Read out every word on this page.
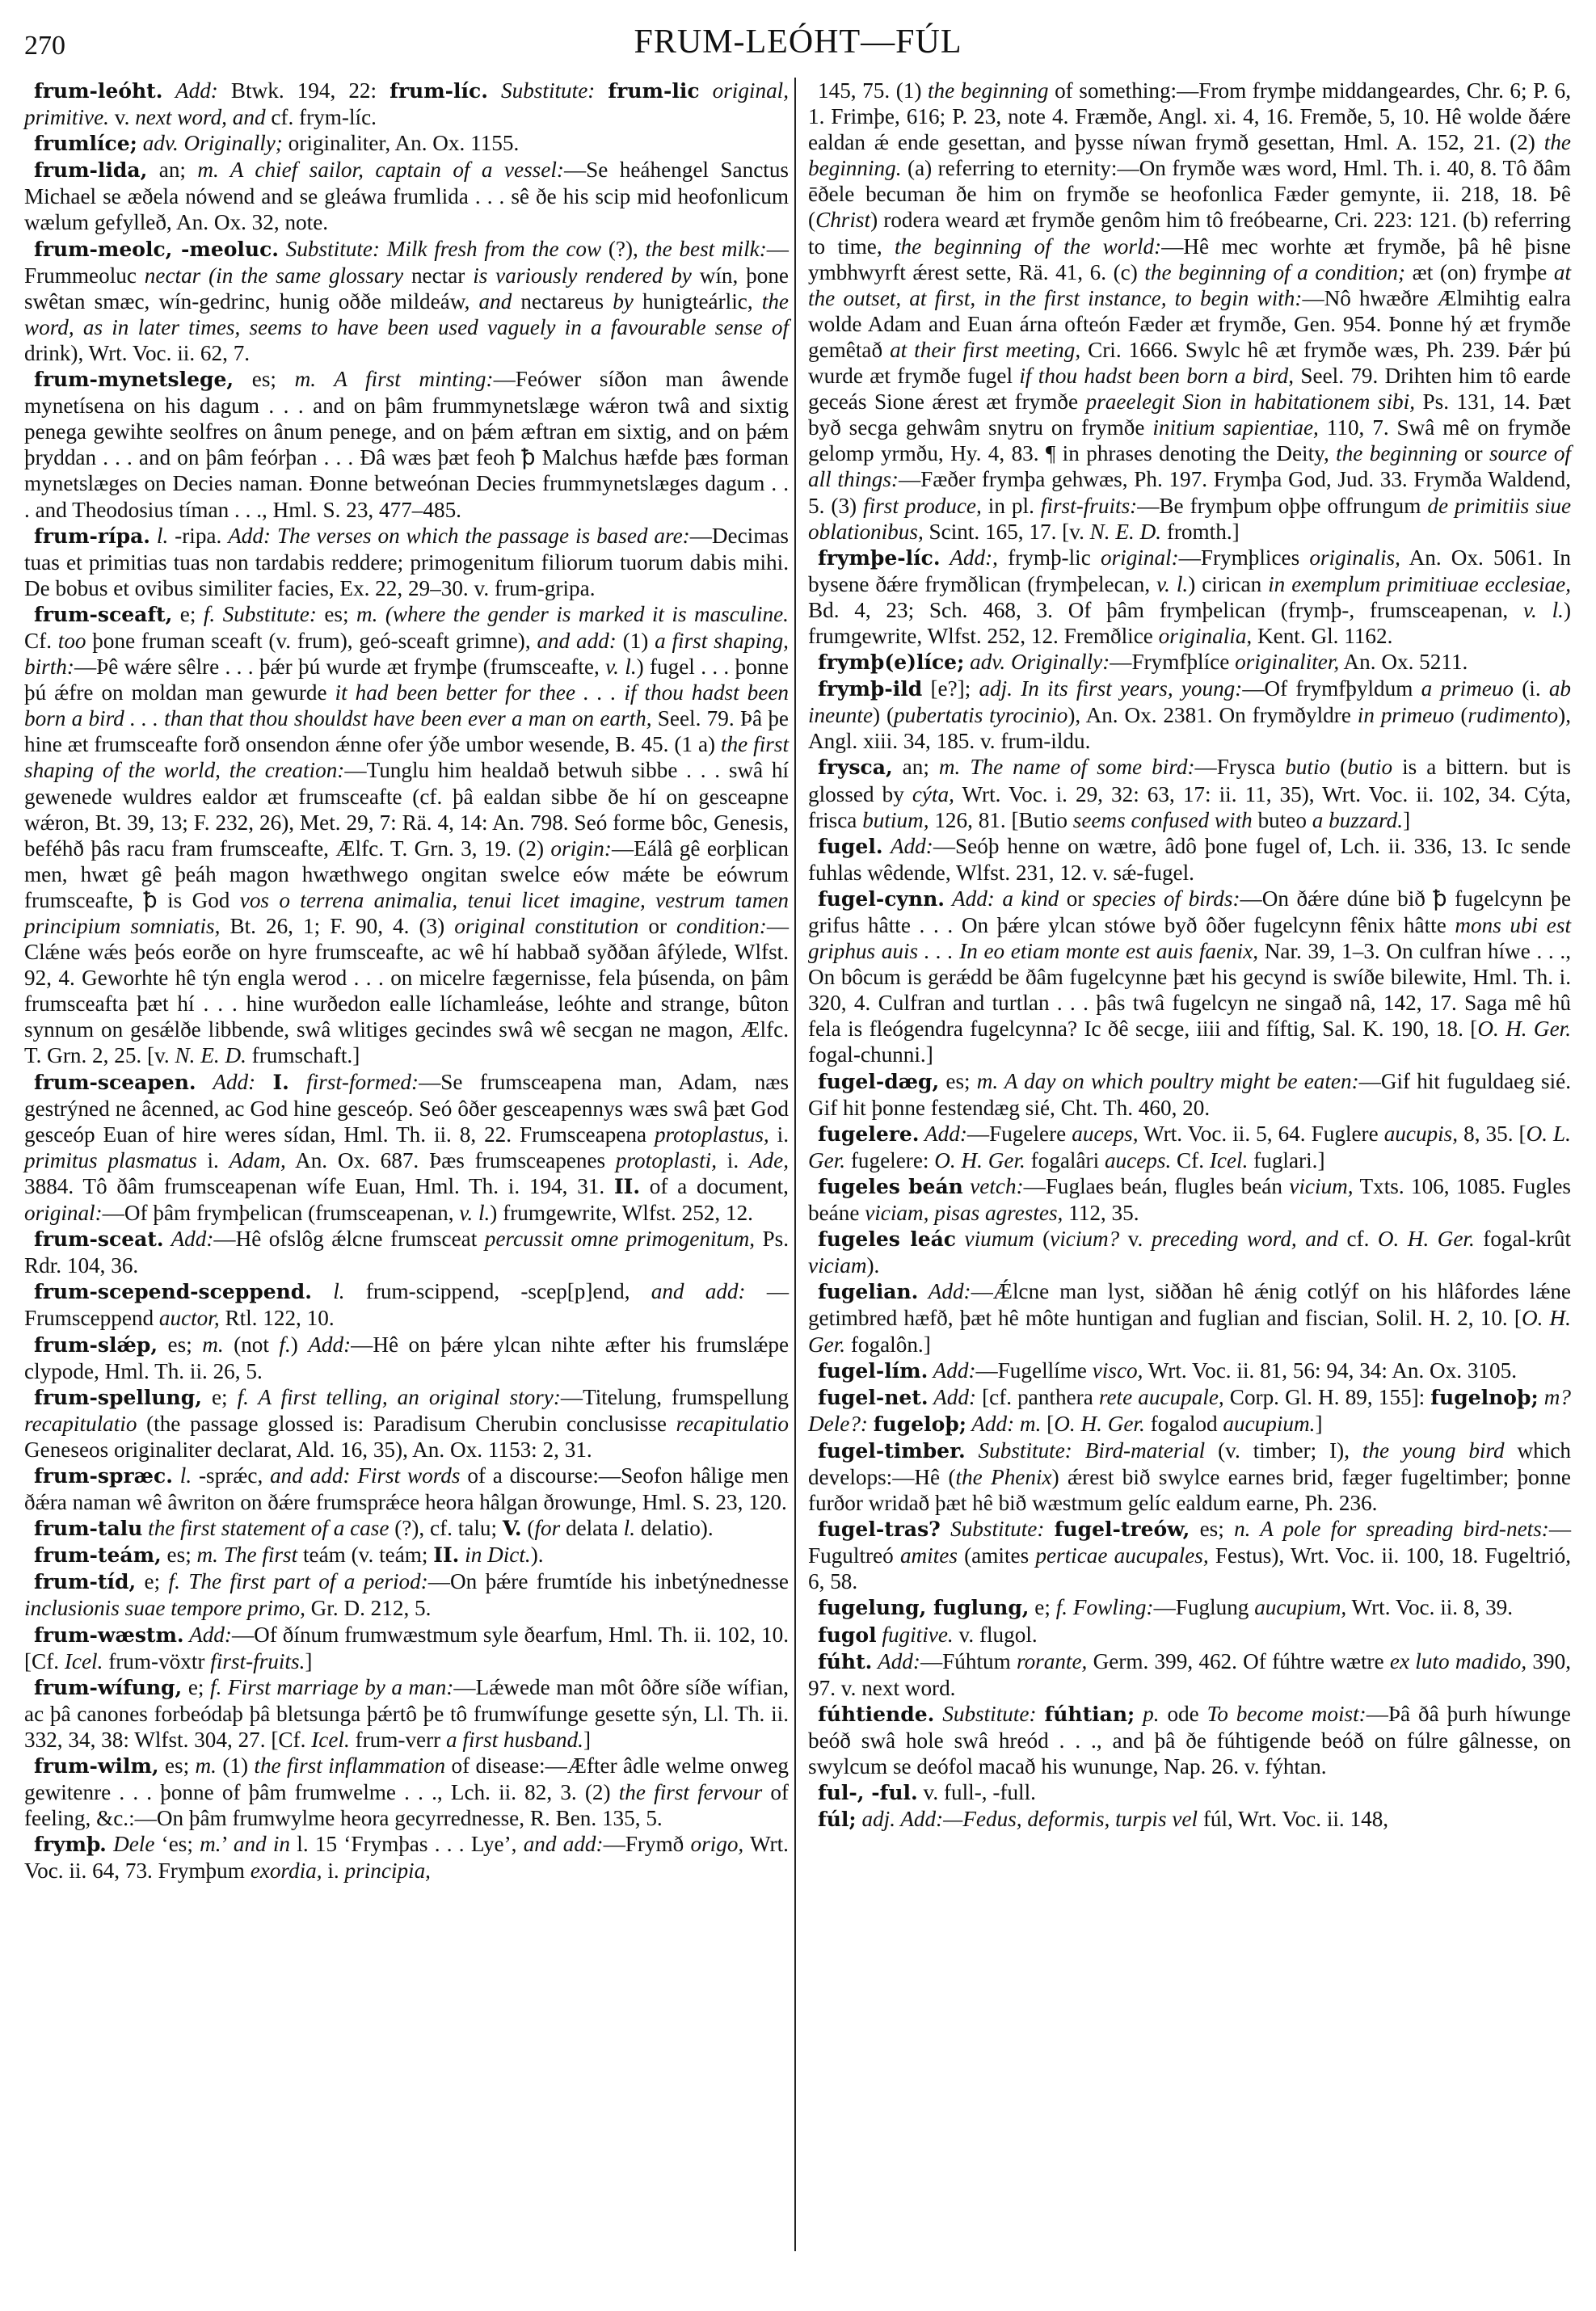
270	FRUM-LEÓHT—FÚL

frum-leóht. Add: Btwk. 194, 22: frum-líc. Substitute: frum-lic original, primitive. v. next word, and cf. frym-líc.

frumlíce; adv. Originally; originaliter, An. Ox. 1155.

frum-lida, an; m. A chief sailor, captain of a vessel:—Se heáhengel Sanctus Michael se æðela nówend and se gleáwa frumlida . . . sê ðe his scip mid heofonlicum wælum gefylleð, An. Ox. 32, note.

frum-meolc, -meoluc. Substitute: Milk fresh from the cow (?), the best milk:—Frummeoluc nectar (in the same glossary nectar is variously rendered by wín, þone swêtan smæc, wín-gedrinc, hunig oððe mildeáw, and nectareus by hunigteárlic, the word, as in later times, seems to have been used vaguely in a favourable sense of drink), Wrt. Voc. ii. 62, 7.

frum-mynetslege, es; m. A first minting:—Feówer síðon man âwende mynetísena on his dagum . . . and on þâm frummynetslæge wǽron twâ and sixtig penega gewihte seolfres on ânum penege, and on þǽm æftran em sixtig, and on þǽm þryddan . . . and on þâm feórþan . . . Ðâ wæs þæt feoh ꝥ Malchus hæfde þæs forman mynetslæges on Decies naman. Ðonne betweónan Decies frummynetslæges dagum . . . and Theodosius tíman . . ., Hml. S. 23, 477–485.

frum-rípa. l. -ripa. Add: The verses on which the passage is based are:—Decimas tuas et primitias tuas non tardabis reddere; primogenitum filiorum tuorum dabis mihi. De bobus et ovibus similiter facies, Ex. 22, 29–30. v. frum-gripa.

frum-sceaft, e; f. Substitute: es; m. (where the gender is marked it is masculine. Cf. too þone fruman sceaft (v. frum), geó-sceaft grimne), and add: (1) a first shaping, birth:—Þê wǽre sêlre . . . þǽr þú wurde æt frymþe (frumsceafte, v. l.) fugel . . . þonne þú ǽfre on moldan man gewurde it had been better for thee . . . if thou hadst been born a bird . . . than that thou shouldst have been ever a man on earth, Seel. 79. Þâ þe hine æt frumsceafte forð onsendon ǽnne ofer ýðe umbor wesende, B. 45. (1 a) the first shaping of the world, the creation:—Tunglu him healdað betwuh sibbe . . . swâ hí gewenede wuldres ealdor æt frumsceafte (cf. þâ ealdan sibbe ðe hí on gesceapne wǽron, Bt. 39, 13; F. 232, 26), Met. 29, 7: Rä. 4, 14: An. 798. Seó forme bôc, Genesis, beféhð þâs racu fram frumsceafte, Ælfc. T. Grn. 3, 19. (2) origin:—Eálâ gê eorþlican men, hwæt gê þeáh magon hwæthwego ongitan swelce eów mǽte be eówrum frumsceafte, ꝥ is God vos o terrena animalia, tenui licet imagine, vestrum tamen principium somniatis, Bt. 26, 1; F. 90, 4. (3) original constitution or condition:—Clǽne wǽs þeós eorðe on hyre frumsceafte, ac wê hí habbað syððan âfýlede, Wlfst. 92, 4. Geworhte hê týn engla werod . . . on micelre fægernisse, fela þúsenda, on þâm frumsceafta þæt hí . . . hine wurðedon ealle líchamleáse, leóhte and strange, bûton synnum on gesǽlðe libbende, swâ wlitiges gecindes swâ wê secgan ne magon, Ælfc. T. Grn. 2, 25. [v. N. E. D. frumschaft.]

frum-sceapen. Add: I. first-formed:—Se frumsceapena man, Adam, næs gestrýned ne âcenned, ac God hine gesceóp. Seó ôðer gesceapennys wæs swâ þæt God gesceóp Euan of hire weres sídan, Hml. Th. ii. 8, 22. Frumsceapena protoplastus, i. primitus plasmatus i. Adam, An. Ox. 687. Þæs frumsceapenes protoplasti, i. Ade, 3884. Tô ðâm frumsceapenan wífe Euan, Hml. Th. i. 194, 31. II. of a document, original:—Of þâm frymþelican (frumsceapenan, v. l.) frumgewrite, Wlfst. 252, 12.

frum-sceat. Add:—Hê ofslôg ǽlcne frumsceat percussit omne primogenitum, Ps. Rdr. 104, 36.

frum-scepend-sceppend. l. frum-scippend, -scep[p]end, and add: —Frumsceppend auctor, Rtl. 122, 10.

frum-slǽp, es; m. (not f.) Add:—Hê on þǽre ylcan nihte æfter his frumslǽpe clypode, Hml. Th. ii. 26, 5.

frum-spellung, e; f. A first telling, an original story:—Titelung, frumspellung recapitulatio (the passage glossed is: Paradisum Cherubin conclusisse recapitulatio Geneseos originaliter declarat, Ald. 16, 35), An. Ox. 1153: 2, 31.

frum-spræc. l. -sprǽc, and add: First words of a discourse:—Seofon hâlige men ðǽra naman wê âwriton on ðǽre frumsprǽce heora hâlgan ðrowunge, Hml. S. 23, 120.

frum-talu the first statement of a case (?), cf. talu; V. (for delata l. delatio).

frum-teám, es; m. The first teám (v. teám; II. in Dict.).

frum-tíd, e; f. The first part of a period:—On þǽre frumtíde his inbetýnednesse inclusionis suae tempore primo, Gr. D. 212, 5.

frum-wæstm. Add:—Of ðínum frumwæstmum syle ðearfum, Hml. Th. ii. 102, 10. [Cf. Icel. frum-vöxtr first-fruits.]

frum-wífung, e; f. First marriage by a man:—Lǽwede man môt ôðre síðe wífian, ac þâ canones forbeódaþ þâ bletsunga þǽrtô þe tô frumwífunge gesette sýn, Ll. Th. ii. 332, 34, 38: Wlfst. 304, 27. [Cf. Icel. frum-verr a first husband.]

frum-wilm, es; m. (1) the first inflammation of disease:—Æfter âdle welme onweg gewitenre . . . þonne of þâm frumwelme . . ., Lch. ii. 82, 3. (2) the first fervour of feeling, &c.:—On þâm frumwylme heora gecyrrednesse, R. Ben. 135, 5.

frymþ. Dele ‘es; m.’ and in l. 15 ‘Frymþas . . . Lye’, and add:—Frymð origo, Wrt. Voc. ii. 64, 73. Frymþum exordia, i. principia,

145, 75. (1) the beginning of something:—From frymþe middangeardes, Chr. 6; P. 6, 1. Frimþe, 616; P. 23, note 4. Fræmðe, Angl. xi. 4, 16. Fremðe, 5, 10. Hê wolde ðǽre ealdan ǽ ende gesettan, and þysse níwan frymð gesettan, Hml. A. 152, 21. (2) the beginning. (a) referring to eternity:—On frymðe wæs word, Hml. Th. i. 40, 8. Tô ðâm ēðele becuman ðe him on frymðe se heofonlica Fæder gemynte, ii. 218, 18. Þê (Christ) rodera weard æt frymðe genôm him tô freóbearne, Cri. 223: 121. (b) referring to time, the beginning of the world:—Hê mec worhte æt frymðe, þâ hê þisne ymbhwyrft ǽrest sette, Rä. 41, 6. (c) the beginning of a condition; æt (on) frymþe at the outset, at first, in the first instance, to begin with:—Nô hwæðre Ælmihtig ealra wolde Adam and Euan árna ofteón Fæder æt frymðe, Gen. 954. Þonne hý æt frymðe gemêtað at their first meeting, Cri. 1666. Swylc hê æt frymðe wæs, Ph. 239. Þǽr þú wurde æt frymðe fugel if thou hadst been born a bird, Seel. 79. Drihten him tô earde geceás Sione ǽrest æt frymðe praeelegit Sion in habitationem sibi, Ps. 131, 14. Þæt byð secga gehwâm snytru on frymðe initium sapientiae, 110, 7. Swâ mê on frymðe gelomp yrmðu, Hy. 4, 83. ¶ in phrases denoting the Deity, the beginning or source of all things:—Fæðer frymþa gehwæs, Ph. 197. Frymþa God, Jud. 33. Frymða Waldend, 5. (3) first produce, in pl. first-fruits:—Be frymþum oþþe offrungum de primitiis siue oblationibus, Scint. 165, 17. [v. N. E. D. fromth.]

frymþe-líc. Add:, frymþ-lic original:—Frymþlices originalis, An. Ox. 5061. In bysene ðǽre frymðlican (frymþelecan, v. l.) cirican in exemplum primitiuae ecclesiae, Bd. 4, 23; Sch. 468, 3. Of þâm frymþelican (frymþ-, frumsceapenan, v. l.) frumgewrite, Wlfst. 252, 12. Fremðlice originalia, Kent. Gl. 1162.

frymþ(e)líce; adv. Originally:—Frymfþlíce originaliter, An. Ox. 5211.

frymþ-ild [e?]; adj. In its first years, young:—Of frymfþyldum a primeuo (i. ab ineunte) (pubertatis tyrocinio), An. Ox. 2381. On frymðyldre in primeuo (rudimento), Angl. xiii. 34, 185. v. frum-ildu.

frysca, an; m. The name of some bird:—Frysca butio (butio is a bittern. but is glossed by cýta, Wrt. Voc. i. 29, 32: 63, 17: ii. 11, 35), Wrt. Voc. ii. 102, 34. Cýta, frisca butium, 126, 81. [Butio seems confused with buteo a buzzard.]

fugel. Add:—Seóþ henne on wætre, âdô þone fugel of, Lch. ii. 336, 13. Ic sende fuhlas wêdende, Wlfst. 231, 12. v. sǽ-fugel.

fugel-cynn. Add: a kind or species of birds:—On ðǽre dúne bið ꝥ fugelcynn þe grifus hâtte . . . On þǽre ylcan stówe byð ôðer fugelcynn fênix hâtte mons ubi est griphus auis . . . In eo etiam monte est auis faenix, Nar. 39, 1–3. On culfran híwe . . ., On bôcum is gerǽdd be ðâm fugelcynne þæt his gecynd is swíðe bilewite, Hml. Th. i. 320, 4. Culfran and turtlan . . . þâs twâ fugelcyn ne singað nâ, 142, 17. Saga mê hû fela is fleógendra fugelcynna? Ic ðê secge, iiii and fíftig, Sal. K. 190, 18. [O. H. Ger. fogal-chunni.]

fugel-dæg, es; m. A day on which poultry might be eaten:—Gif hit fuguldaeg sié. Gif hit þonne festendæg sié, Cht. Th. 460, 20.

fugelere. Add:—Fugelere auceps, Wrt. Voc. ii. 5, 64. Fuglere aucupis, 8, 35. [O. L. Ger. fugelere: O. H. Ger. fogalâri auceps. Cf. Icel. fuglari.]

fugeles beán vetch:—Fuglaes beán, flugles beán vicium, Txts. 106, 1085. Fugles beáne viciam, pisas agrestes, 112, 35.

fugeles leác viumum (vicium? v. preceding word, and cf. O. H. Ger. fogal-krût viciam).

fugelian. Add:—Ǽlcne man lyst, siððan hê ǽnig cotlýf on his hlâfordes lǽne getimbred hæfð, þæt hê môte huntigan and fuglian and fiscian, Solil. H. 2, 10. [O. H. Ger. fogalôn.]

fugel-lím. Add:—Fugellíme visco, Wrt. Voc. ii. 81, 56: 94, 34: An. Ox. 3105.

fugel-net. Add: [cf. panthera rete aucupale, Corp. Gl. H. 89, 155]: fugelnoþ; m? Dele?: fugeloþ; Add: m. [O. H. Ger. fogalod aucupium.]

fugel-timber. Substitute: Bird-material (v. timber; I), the young bird which develops:—Hê (the Phenix) ǽrest bið swylce earnes brid, fæger fugeltimber; þonne furðor wridað þæt hê bið wæstmum gelíc ealdum earne, Ph. 236.

fugel-tras? Substitute: fugel-treów, es; n. A pole for spreading bird-nets:—Fugultreó amites (amites perticae aucupales, Festus), Wrt. Voc. ii. 100, 18. Fugeltrió, 6, 58.

fugelung, fuglung, e; f. Fowling:—Fuglung aucupium, Wrt. Voc. ii. 8, 39.

fugol fugitive. v. flugol.

fúht. Add:—Fúhtum rorante, Germ. 399, 462. Of fúhtre wætre ex luto madido, 390, 97. v. next word.

fúhtiende. Substitute: fúhtian; p. ode To become moist:—Þâ ðâ þurh híwunge beóð swâ hole swâ hreód . . ., and þâ ðe fúhtigende beóð on fúlre gâlnesse, on swylcum se deófol macað his wununge, Nap. 26. v. fýhtan.

ful-, -ful. v. full-, -full.

fúl; adj. Add:—Fedus, deformis, turpis vel fúl, Wrt. Voc. ii. 148,
